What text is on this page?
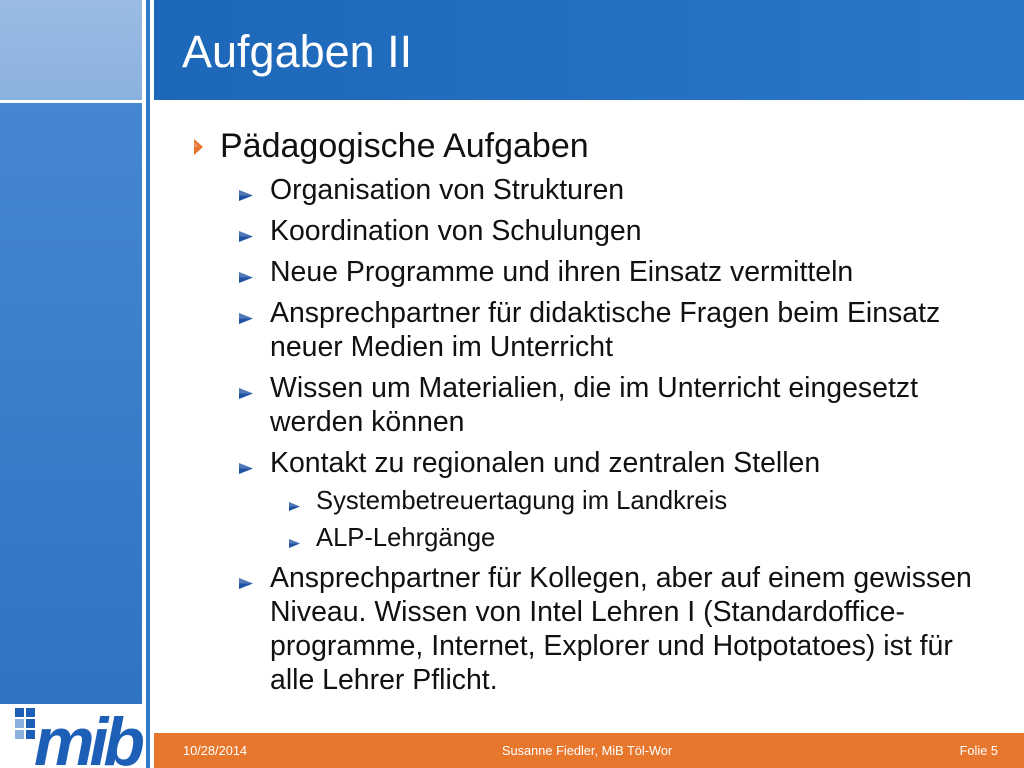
Aufgaben II
Pädagogische Aufgaben
Organisation von Strukturen
Koordination von Schulungen
Neue Programme und ihren Einsatz vermitteln
Ansprechpartner für didaktische Fragen beim Einsatz neuer Medien im Unterricht
Wissen um Materialien, die im Unterricht eingesetzt werden können
Kontakt zu regionalen und zentralen Stellen
Systembetreuertagung im Landkreis
ALP-Lehrgänge
Ansprechpartner für Kollegen, aber auf einem gewissen Niveau. Wissen von Intel Lehren I (Standardoffice-programme, Internet, Explorer und Hotpotatoes) ist für alle Lehrer Pflicht.
10/28/2014	Susanne Fiedler, MiB Töl-Wor	Folie 5
mib
